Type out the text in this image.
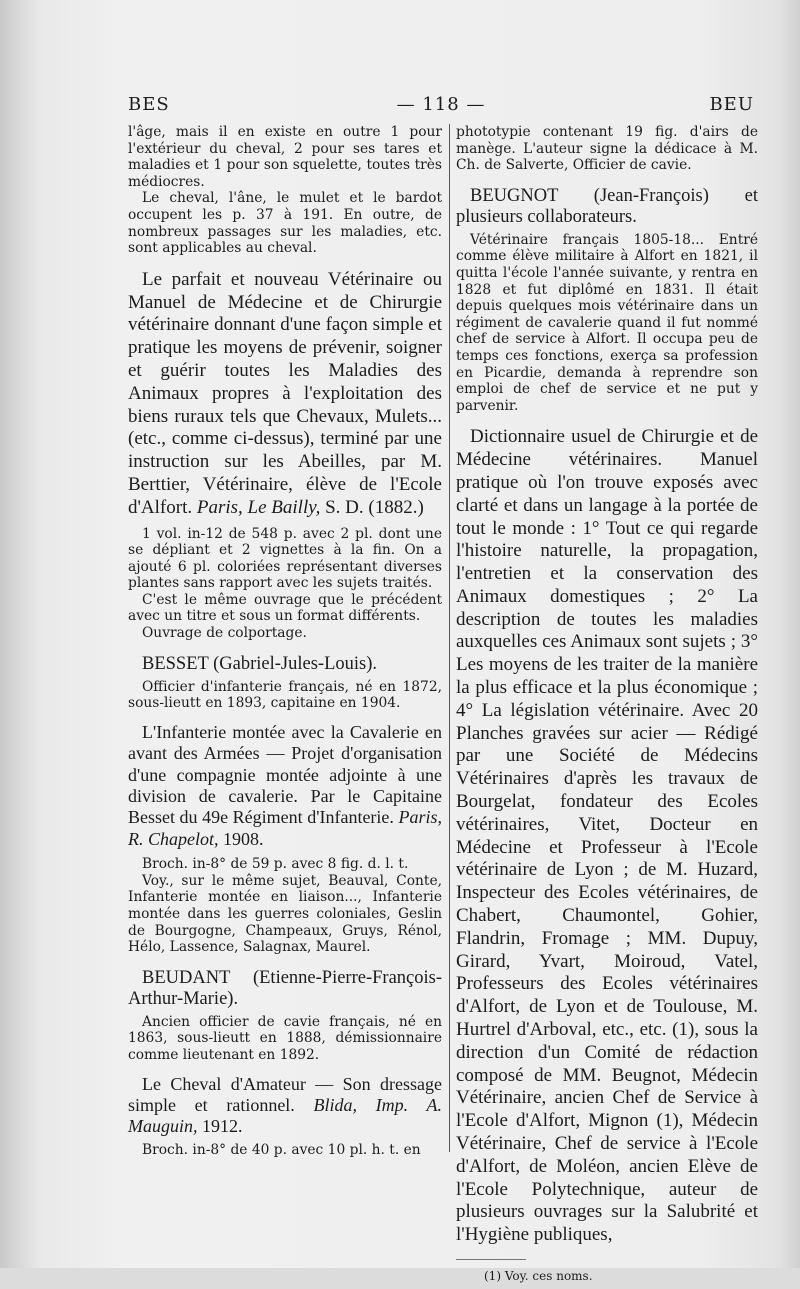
BES	— 118 —	BEU

l'âge, mais il en existe en outre 1 pour l'extérieur du cheval, 2 pour ses tares et maladies et 1 pour son squelette, toutes très médiocres.

Le cheval, l'âne, le mulet et le bardot occupent les p. 37 à 191. En outre, de nombreux passages sur les maladies, etc. sont applicables au cheval.

Le parfait et nouveau Vétérinaire ou Manuel de Médecine et de Chirurgie vétérinaire donnant d'une façon simple et pratique les moyens de prévenir, soigner et guérir toutes les Maladies des Animaux propres à l'exploitation des biens ruraux tels que Chevaux, Mulets... (etc., comme ci-dessus), terminé par une instruction sur les Abeilles, par M. Berttier, Vétérinaire, élève de l'Ecole d'Alfort. Paris, Le Bailly, S. D. (1882.)

1 vol. in-12 de 548 p. avec 2 pl. dont une se dépliant et 2 vignettes à la fin. On a ajouté 6 pl. coloriées représentant diverses plantes sans rapport avec les sujets traités.

C'est le même ouvrage que le précédent avec un titre et sous un format différents.

Ouvrage de colportage.

BESSET (Gabriel-Jules-Louis).

Officier d'infanterie français, né en 1872, sous-lieutt en 1893, capitaine en 1904.

L'Infanterie montée avec la Cavalerie en avant des Armées — Projet d'organisation d'une compagnie montée adjointe à une division de cavalerie. Par le Capitaine Besset du 49e Régiment d'Infanterie. Paris, R. Chapelot, 1908.

Broch. in-8° de 59 p. avec 8 fig. d. l. t.

Voy., sur le même sujet, Beauval, Conte, Infanterie montée en liaison..., Infanterie montée dans les guerres coloniales, Geslin de Bourgogne, Champeaux, Gruys, Rénol, Hélo, Lassence, Salagnax, Maurel.

BEUDANT (Etienne-Pierre-François-Arthur-Marie).

Ancien officier de cavie français, né en 1863, sous-lieutt en 1888, démissionnaire comme lieutenant en 1892.

Le Cheval d'Amateur — Son dressage simple et rationnel. Blida, Imp. A. Mauguin, 1912.

Broch. in-8° de 40 p. avec 10 pl. h. t. en

phototypie contenant 19 fig. d'airs de manège. L'auteur signe la dédicace à M. Ch. de Salverte, Officier de cavie.

BEUGNOT (Jean-François) et plusieurs collaborateurs.

Vétérinaire français 1805-18... Entré comme élève militaire à Alfort en 1821, il quitta l'école l'année suivante, y rentra en 1828 et fut diplômé en 1831. Il était depuis quelques mois vétérinaire dans un régiment de cavalerie quand il fut nommé chef de service à Alfort. Il occupa peu de temps ces fonctions, exerça sa profession en Picardie, demanda à reprendre son emploi de chef de service et ne put y parvenir.

Dictionnaire usuel de Chirurgie et de Médecine vétérinaires. Manuel pratique où l'on trouve exposés avec clarté et dans un langage à la portée de tout le monde : 1° Tout ce qui regarde l'histoire naturelle, la propagation, l'entretien et la conservation des Animaux domestiques ; 2° La description de toutes les maladies auxquelles ces Animaux sont sujets ; 3° Les moyens de les traiter de la manière la plus efficace et la plus économique ; 4° La législation vétérinaire. Avec 20 Planches gravées sur acier — Rédigé par une Société de Médecins Vétérinaires d'après les travaux de Bourgelat, fondateur des Ecoles vétérinaires, Vitet, Docteur en Médecine et Professeur à l'Ecole vétérinaire de Lyon ; de M. Huzard, Inspecteur des Ecoles vétérinaires, de Chabert, Chaumontel, Gohier, Flandrin, Fromage ; MM. Dupuy, Girard, Yvart, Moiroud, Vatel, Professeurs des Ecoles vétérinaires d'Alfort, de Lyon et de Toulouse, M. Hurtrel d'Arboval, etc., etc. (1), sous la direction d'un Comité de rédaction composé de MM. Beugnot, Médecin Vétérinaire, ancien Chef de Service à l'Ecole d'Alfort, Mignon (1), Médecin Vétérinaire, Chef de service à l'Ecole d'Alfort, de Moléon, ancien Elève de l'Ecole Polytechnique, auteur de plusieurs ouvrages sur la Salubrité et l'Hygiène publiques,

(1) Voy. ces noms.
